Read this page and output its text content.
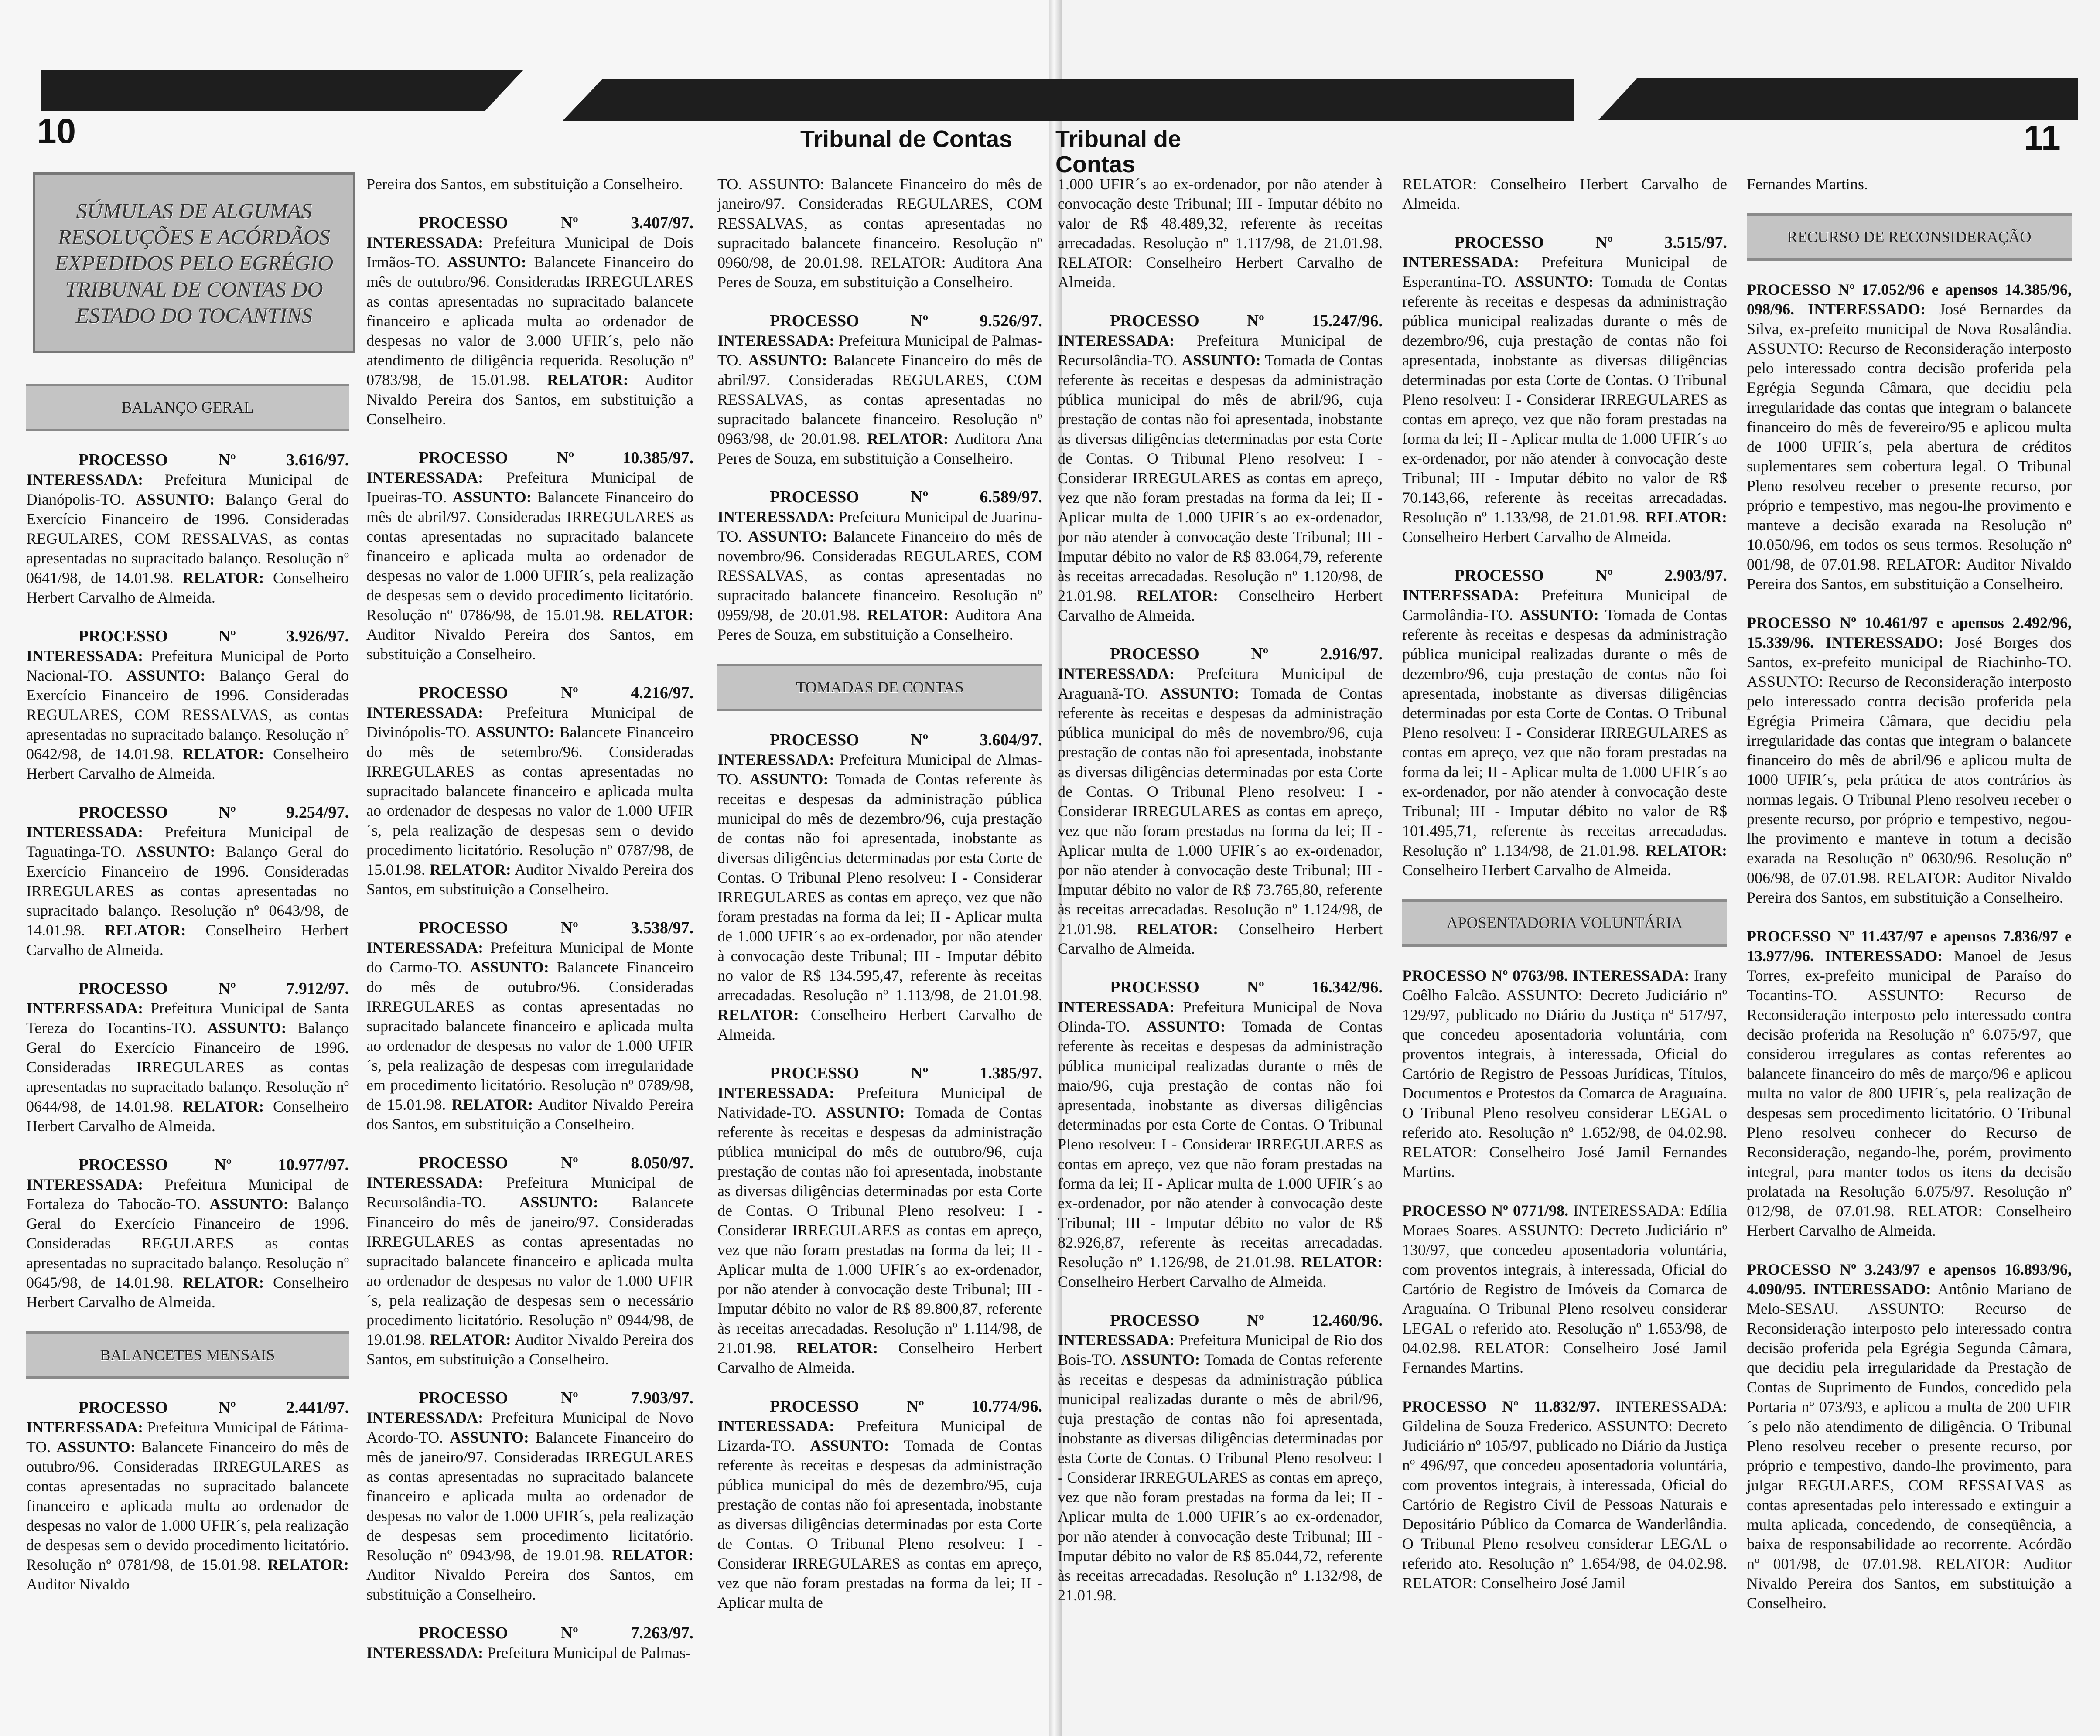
10	11
Tribunal de Contas Tribunal de Contas
SÚMULAS DE ALGUMAS RESOLUÇÕES E ACÓRDÃOS EXPEDIDOS PELO EGRÉGIO TRIBUNAL DE CONTAS DO ESTADO DO TOCANTINS
BALANÇO GERAL
PROCESSO	Nº	3.616/97.
INTERESSADA: Prefeitura Municipal de Dianópolis-TO. ASSUNTO: Balanço Geral do Exercício Financeiro de 1996. Consideradas REGULARES, COM RESSALVAS, as contas apresentadas no supracitado balanço. Resolução nº 0641/98, de 14.01.98. RELATOR: Conselheiro Herbert Carvalho de Almeida.
PROCESSO	Nº	3.926/97.
INTERESSADA: Prefeitura Municipal de Porto Nacional-TO. ASSUNTO: Balanço Geral do Exercício Financeiro de 1996. Consideradas REGULARES, COM RESSALVAS, as contas apresentadas no supracitado balanço. Resolução nº 0642/98, de 14.01.98. RELATOR: Conselheiro Herbert Carvalho de Almeida.
PROCESSO	Nº	9.254/97.
INTERESSADA: Prefeitura Municipal de Taguatinga-TO. ASSUNTO: Balanço Geral do Exercício Financeiro de 1996. Consideradas IRREGULARES as contas apresentadas no supracitado balanço. Resolução nº 0643/98, de 14.01.98. RELATOR: Conselheiro Herbert Carvalho de Almeida.
PROCESSO	Nº	7.912/97.
INTERESSADA: Prefeitura Municipal de Santa Tereza do Tocantins-TO. ASSUNTO: Balanço Geral do Exercício Financeiro de 1996. Consideradas IRREGULARES as contas apresentadas no supracitado balanço. Resolução nº 0644/98, de 14.01.98. RELATOR: Conselheiro Herbert Carvalho de Almeida.
PROCESSO	Nº	10.977/97.
INTERESSADA: Prefeitura Municipal de Fortaleza do Tabocão-TO. ASSUNTO: Balanço Geral do Exercício Financeiro de 1996. Consideradas REGULARES as contas apresentadas no supracitado balanço. Resolução nº 0645/98, de 14.01.98. RELATOR: Conselheiro Herbert Carvalho de Almeida.
BALANCETES MENSAIS
PROCESSO	Nº	2.441/97.
INTERESSADA: Prefeitura Municipal de Fátima-TO. ASSUNTO: Balancete Financeiro do mês de outubro/96. Consideradas IRREGULARES as contas apresentadas no supracitado balancete financeiro e aplicada multa ao ordenador de despesas no valor de 1.000 UFIR´s, pela realização de despesas sem o devido procedimento licitatório. Resolução nº 0781/98, de 15.01.98. RELATOR: Auditor Nivaldo
Pereira dos Santos, em substituição a Conselheiro.
PROCESSO	Nº	3.407/97.
INTERESSADA: Prefeitura Municipal de Dois Irmãos-TO. ASSUNTO: Balancete Financeiro do mês de outubro/96. Consideradas IRREGULARES as contas apresentadas no supracitado balancete financeiro e aplicada multa ao ordenador de despesas no valor de 3.000 UFIR´s, pelo não atendimento de diligência requerida. Resolução nº 0783/98, de 15.01.98. RELATOR: Auditor Nivaldo Pereira dos Santos, em substituição a Conselheiro.
PROCESSO	Nº	10.385/97.
INTERESSADA: Prefeitura Municipal de Ipueiras-TO. ASSUNTO: Balancete Financeiro do mês de abril/97. Consideradas IRREGULARES as contas apresentadas no supracitado balancete financeiro e aplicada multa ao ordenador de despesas no valor de 1.000 UFIR´s, pela realização de despesas sem o devido procedimento licitatório. Resolução nº 0786/98, de 15.01.98. RELATOR: Auditor Nivaldo Pereira dos Santos, em substituição a Conselheiro.
PROCESSO	Nº	4.216/97.
INTERESSADA: Prefeitura Municipal de Divinópolis-TO. ASSUNTO: Balancete Financeiro do mês de setembro/96. Consideradas IRREGULARES as contas apresentadas no supracitado balancete financeiro e aplicada multa ao ordenador de despesas no valor de 1.000 UFIR´s, pela realização de despesas sem o devido procedimento licitatório. Resolução nº 0787/98, de 15.01.98. RELATOR: Auditor Nivaldo Pereira dos Santos, em substituição a Conselheiro.
PROCESSO	Nº	3.538/97.
INTERESSADA: Prefeitura Municipal de Monte do Carmo-TO. ASSUNTO: Balancete Financeiro do mês de outubro/96. Consideradas IRREGULARES as contas apresentadas no supracitado balancete financeiro e aplicada multa ao ordenador de despesas no valor de 1.000 UFIR´s, pela realização de despesas com irregularidade em procedimento licitatório. Resolução nº 0789/98, de 15.01.98. RELATOR: Auditor Nivaldo Pereira dos Santos, em substituição a Conselheiro.
PROCESSO	Nº	8.050/97.
INTERESSADA: Prefeitura Municipal de Recursolândia-TO. ASSUNTO: Balancete Financeiro do mês de janeiro/97. Consideradas IRREGULARES as contas apresentadas no supracitado balancete financeiro e aplicada multa ao ordenador de despesas no valor de 1.000 UFIR´s, pela realização de despesas sem o necessário procedimento licitatório. Resolução nº 0944/98, de 19.01.98. RELATOR: Auditor Nivaldo Pereira dos Santos, em substituição a Conselheiro.
PROCESSO	Nº	7.903/97.
INTERESSADA: Prefeitura Municipal de Novo Acordo-TO. ASSUNTO: Balancete Financeiro do mês de janeiro/97. Consideradas IRREGULARES as contas apresentadas no supracitado balancete financeiro e aplicada multa ao ordenador de despesas no valor de 1.000 UFIR´s, pela realização de despesas sem procedimento licitatório. Resolução nº 0943/98, de 19.01.98. RELATOR: Auditor Nivaldo Pereira dos Santos, em substituição a Conselheiro.
PROCESSO	Nº	7.263/97.
INTERESSADA: Prefeitura Municipal de Palmas-
TO. ASSUNTO: Balancete Financeiro do mês de janeiro/97. Consideradas REGULARES, COM RESSALVAS, as contas apresentadas no supracitado balancete financeiro. Resolução nº 0960/98, de 20.01.98. RELATOR: Auditora Ana Peres de Souza, em substituição a Conselheiro.
PROCESSO	Nº	9.526/97.
INTERESSADA: Prefeitura Municipal de Palmas-TO. ASSUNTO: Balancete Financeiro do mês de abril/97. Consideradas REGULARES, COM RESSALVAS, as contas apresentadas no supracitado balancete financeiro. Resolução nº 0963/98, de 20.01.98. RELATOR: Auditora Ana Peres de Souza, em substituição a Conselheiro.
PROCESSO	Nº	6.589/97.
INTERESSADA: Prefeitura Municipal de Juarina-TO. ASSUNTO: Balancete Financeiro do mês de novembro/96. Consideradas REGULARES, COM RESSALVAS, as contas apresentadas no supracitado balancete financeiro. Resolução nº 0959/98, de 20.01.98. RELATOR: Auditora Ana Peres de Souza, em substituição a Conselheiro.
TOMADAS DE CONTAS
PROCESSO	Nº	3.604/97.
INTERESSADA: Prefeitura Municipal de Almas-TO. ASSUNTO: Tomada de Contas referente às receitas e despesas da administração pública municipal do mês de dezembro/96, cuja prestação de contas não foi apresentada, inobstante as diversas diligências determinadas por esta Corte de Contas. O Tribunal Pleno resolveu: I - Considerar IRREGULARES as contas em apreço, vez que não foram prestadas na forma da lei; II - Aplicar multa de 1.000 UFIR´s ao ex-ordenador, por não atender à convocação deste Tribunal; III - Imputar débito no valor de R$ 134.595,47, referente às receitas arrecadadas. Resolução nº 1.113/98, de 21.01.98. RELATOR: Conselheiro Herbert Carvalho de Almeida.
PROCESSO	Nº	1.385/97.
INTERESSADA: Prefeitura Municipal de Natividade-TO. ASSUNTO: Tomada de Contas referente às receitas e despesas da administração pública municipal do mês de outubro/96, cuja prestação de contas não foi apresentada, inobstante as diversas diligências determinadas por esta Corte de Contas. O Tribunal Pleno resolveu: I - Considerar IRREGULARES as contas em apreço, vez que não foram prestadas na forma da lei; II - Aplicar multa de 1.000 UFIR´s ao ex-ordenador, por não atender à convocação deste Tribunal; III - Imputar débito no valor de R$ 89.800,87, referente às receitas arrecadadas. Resolução nº 1.114/98, de 21.01.98. RELATOR: Conselheiro Herbert Carvalho de Almeida.
PROCESSO	Nº	10.774/96.
INTERESSADA: Prefeitura Municipal de Lizarda-TO. ASSUNTO: Tomada de Contas referente às receitas e despesas da administração pública municipal do mês de dezembro/95, cuja prestação de contas não foi apresentada, inobstante as diversas diligências determinadas por esta Corte de Contas. O Tribunal Pleno resolveu: I - Considerar IRREGULARES as contas em apreço, vez que não foram prestadas na forma da lei; II - Aplicar multa de
1.000 UFIR´s ao ex-ordenador, por não atender à convocação deste Tribunal; III - Imputar débito no valor de R$ 48.489,32, referente às receitas arrecadadas. Resolução nº 1.117/98, de 21.01.98. RELATOR: Conselheiro Herbert Carvalho de Almeida.
PROCESSO	Nº	15.247/96.
INTERESSADA: Prefeitura Municipal de Recursolândia-TO. ASSUNTO: Tomada de Contas referente às receitas e despesas da administração pública municipal do mês de abril/96, cuja prestação de contas não foi apresentada, inobstante as diversas diligências determinadas por esta Corte de Contas. O Tribunal Pleno resolveu: I - Considerar IRREGULARES as contas em apreço, vez que não foram prestadas na forma da lei; II - Aplicar multa de 1.000 UFIR´s ao ex-ordenador, por não atender à convocação deste Tribunal; III - Imputar débito no valor de R$ 83.064,79, referente às receitas arrecadadas. Resolução nº 1.120/98, de 21.01.98. RELATOR: Conselheiro Herbert Carvalho de Almeida.
PROCESSO	Nº	2.916/97.
INTERESSADA: Prefeitura Municipal de Araguanã-TO. ASSUNTO: Tomada de Contas referente às receitas e despesas da administração pública municipal do mês de novembro/96, cuja prestação de contas não foi apresentada, inobstante as diversas diligências determinadas por esta Corte de Contas. O Tribunal Pleno resolveu: I - Considerar IRREGULARES as contas em apreço, vez que não foram prestadas na forma da lei; II - Aplicar multa de 1.000 UFIR´s ao ex-ordenador, por não atender à convocação deste Tribunal; III - Imputar débito no valor de R$ 73.765,80, referente às receitas arrecadadas. Resolução nº 1.124/98, de 21.01.98. RELATOR: Conselheiro Herbert Carvalho de Almeida.
PROCESSO	Nº	16.342/96.
INTERESSADA: Prefeitura Municipal de Nova Olinda-TO. ASSUNTO: Tomada de Contas referente às receitas e despesas da administração pública municipal realizadas durante o mês de maio/96, cuja prestação de contas não foi apresentada, inobstante as diversas diligências determinadas por esta Corte de Contas. O Tribunal Pleno resolveu: I - Considerar IRREGULARES as contas em apreço, vez que não foram prestadas na forma da lei; II - Aplicar multa de 1.000 UFIR´s ao ex-ordenador, por não atender à convocação deste Tribunal; III - Imputar débito no valor de R$ 82.926,87, referente às receitas arrecadadas. Resolução nº 1.126/98, de 21.01.98. RELATOR: Conselheiro Herbert Carvalho de Almeida.
PROCESSO	Nº	12.460/96.
INTERESSADA: Prefeitura Municipal de Rio dos Bois-TO. ASSUNTO: Tomada de Contas referente às receitas e despesas da administração pública municipal realizadas durante o mês de abril/96, cuja prestação de contas não foi apresentada, inobstante as diversas diligências determinadas por esta Corte de Contas. O Tribunal Pleno resolveu: I - Considerar IRREGULARES as contas em apreço, vez que não foram prestadas na forma da lei; II - Aplicar multa de 1.000 UFIR´s ao ex-ordenador, por não atender à convocação deste Tribunal; III - Imputar débito no valor de R$ 85.044,72, referente às receitas arrecadadas. Resolução nº 1.132/98, de 21.01.98.
RELATOR: Conselheiro Herbert Carvalho de Almeida.
PROCESSO	Nº	3.515/97.
INTERESSADA: Prefeitura Municipal de Esperantina-TO. ASSUNTO: Tomada de Contas referente às receitas e despesas da administração pública municipal realizadas durante o mês de dezembro/96, cuja prestação de contas não foi apresentada, inobstante as diversas diligências determinadas por esta Corte de Contas. O Tribunal Pleno resolveu: I - Considerar IRREGULARES as contas em apreço, vez que não foram prestadas na forma da lei; II - Aplicar multa de 1.000 UFIR´s ao ex-ordenador, por não atender à convocação deste Tribunal; III - Imputar débito no valor de R$ 70.143,66, referente às receitas arrecadadas. Resolução nº 1.133/98, de 21.01.98. RELATOR: Conselheiro Herbert Carvalho de Almeida.
PROCESSO	Nº	2.903/97.
INTERESSADA: Prefeitura Municipal de Carmolândia-TO. ASSUNTO: Tomada de Contas referente às receitas e despesas da administração pública municipal realizadas durante o mês de dezembro/96, cuja prestação de contas não foi apresentada, inobstante as diversas diligências determinadas por esta Corte de Contas. O Tribunal Pleno resolveu: I - Considerar IRREGULARES as contas em apreço, vez que não foram prestadas na forma da lei; II - Aplicar multa de 1.000 UFIR´s ao ex-ordenador, por não atender à convocação deste Tribunal; III - Imputar débito no valor de R$ 101.495,71, referente às receitas arrecadadas. Resolução nº 1.134/98, de 21.01.98. RELATOR: Conselheiro Herbert Carvalho de Almeida.
APOSENTADORIA VOLUNTÁRIA
PROCESSO Nº 0763/98. INTERESSADA: Irany Coêlho Falcão. ASSUNTO: Decreto Judiciário nº 129/97, publicado no Diário da Justiça nº 517/97, que concedeu aposentadoria voluntária, com proventos integrais, à interessada, Oficial do Cartório de Registro de Pessoas Jurídicas, Títulos, Documentos e Protestos da Comarca de Araguaína. O Tribunal Pleno resolveu considerar LEGAL o referido ato. Resolução nº 1.652/98, de 04.02.98. RELATOR: Conselheiro José Jamil Fernandes Martins.
PROCESSO Nº 0771/98. INTERESSADA: Edília Moraes Soares. ASSUNTO: Decreto Judiciário nº 130/97, que concedeu aposentadoria voluntária, com proventos integrais, à interessada, Oficial do Cartório de Registro de Imóveis da Comarca de Araguaína. O Tribunal Pleno resolveu considerar LEGAL o referido ato. Resolução nº 1.653/98, de 04.02.98. RELATOR: Conselheiro José Jamil Fernandes Martins.
PROCESSO Nº 11.832/97. INTERESSADA: Gildelina de Souza Frederico. ASSUNTO: Decreto Judiciário nº 105/97, publicado no Diário da Justiça nº 496/97, que concedeu aposentadoria voluntária, com proventos integrais, à interessada, Oficial do Cartório de Registro Civil de Pessoas Naturais e Depositário Público da Comarca de Wanderlândia. O Tribunal Pleno resolveu considerar LEGAL o referido ato. Resolução nº 1.654/98, de 04.02.98. RELATOR: Conselheiro José Jamil
Fernandes Martins.
RECURSO DE RECONSIDERAÇÃO
PROCESSO Nº 17.052/96 e apensos 14.385/96, 098/96. INTERESSADO: José Bernardes da Silva, ex-prefeito municipal de Nova Rosalândia. ASSUNTO: Recurso de Reconsideração interposto pelo interessado contra decisão proferida pela Egrégia Segunda Câmara, que decidiu pela irregularidade das contas que integram o balancete financeiro do mês de fevereiro/95 e aplicou multa de 1000 UFIR´s, pela abertura de créditos suplementares sem cobertura legal. O Tribunal Pleno resolveu receber o presente recurso, por próprio e tempestivo, mas negou-lhe provimento e manteve a decisão exarada na Resolução nº 10.050/96, em todos os seus termos. Resolução nº 001/98, de 07.01.98. RELATOR: Auditor Nivaldo Pereira dos Santos, em substituição a Conselheiro.
PROCESSO Nº 10.461/97 e apensos 2.492/96, 15.339/96. INTERESSADO: José Borges dos Santos, ex-prefeito municipal de Riachinho-TO. ASSUNTO: Recurso de Reconsideração interposto pelo interessado contra decisão proferida pela Egrégia Primeira Câmara, que decidiu pela irregularidade das contas que integram o balancete financeiro do mês de abril/96 e aplicou multa de 1000 UFIR´s, pela prática de atos contrários às normas legais. O Tribunal Pleno resolveu receber o presente recurso, por próprio e tempestivo, negou-lhe provimento e manteve in totum a decisão exarada na Resolução nº 0630/96. Resolução nº 006/98, de 07.01.98. RELATOR: Auditor Nivaldo Pereira dos Santos, em substituição a Conselheiro.
PROCESSO Nº 11.437/97 e apensos 7.836/97 e 13.977/96. INTERESSADO: Manoel de Jesus Torres, ex-prefeito municipal de Paraíso do Tocantins-TO. ASSUNTO: Recurso de Reconsideração interposto pelo interessado contra decisão proferida na Resolução nº 6.075/97, que considerou irregulares as contas referentes ao balancete financeiro do mês de março/96 e aplicou multa no valor de 800 UFIR´s, pela realização de despesas sem procedimento licitatório. O Tribunal Pleno resolveu conhecer do Recurso de Reconsideração, negando-lhe, porém, provimento integral, para manter todos os itens da decisão prolatada na Resolução 6.075/97. Resolução nº 012/98, de 07.01.98. RELATOR: Conselheiro Herbert Carvalho de Almeida.
PROCESSO Nº 3.243/97 e apensos 16.893/96, 4.090/95. INTERESSADO: Antônio Mariano de Melo-SESAU. ASSUNTO: Recurso de Reconsideração interposto pelo interessado contra decisão proferida pela Egrégia Segunda Câmara, que decidiu pela irregularidade da Prestação de Contas de Suprimento de Fundos, concedido pela Portaria nº 073/93, e aplicou a multa de 200 UFIR´s pelo não atendimento de diligência. O Tribunal Pleno resolveu receber o presente recurso, por próprio e tempestivo, dando-lhe provimento, para julgar REGULARES, COM RESSALVAS as contas apresentadas pelo interessado e extinguir a multa aplicada, concedendo, de conseqüência, a baixa de responsabilidade ao recorrente. Acórdão nº 001/98, de 07.01.98. RELATOR: Auditor Nivaldo Pereira dos Santos, em substituição a Conselheiro.
